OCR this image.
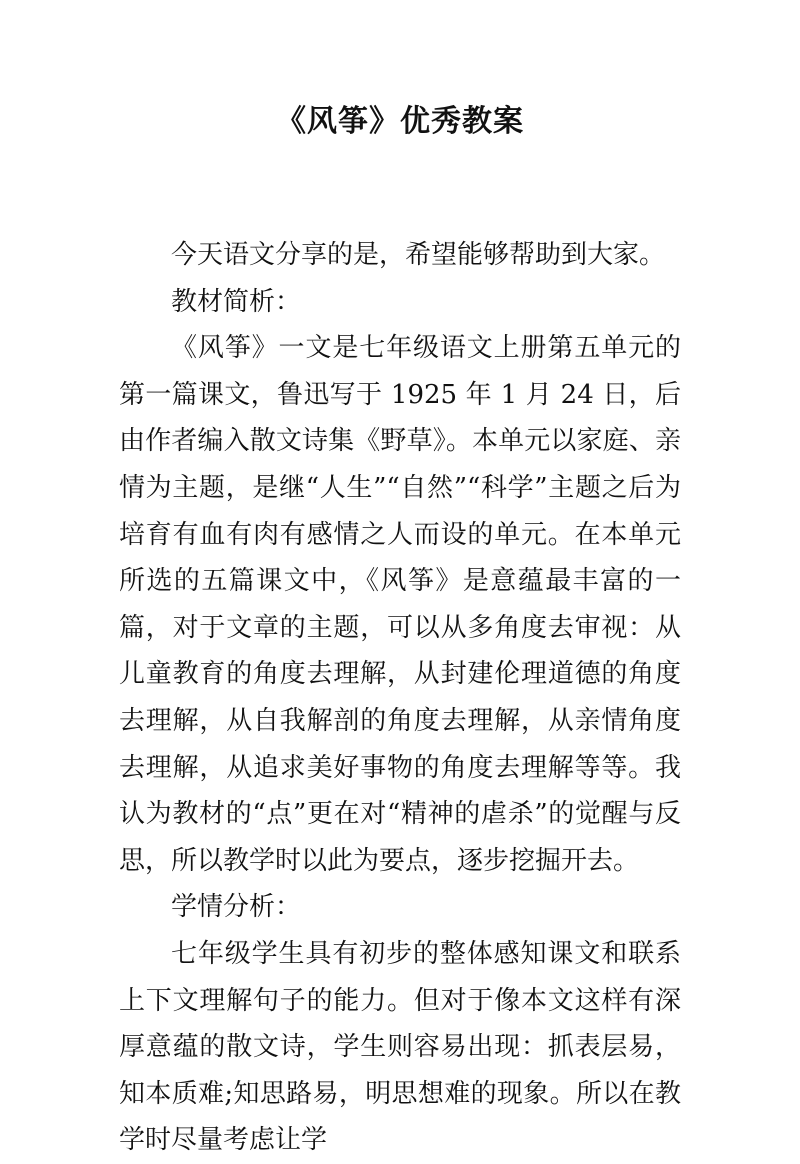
《风筝》优秀教案

今天语文分享的是，希望能够帮助到大家。

教材简析：

《风筝》一文是七年级语文上册第五单元的第一篇课文，鲁迅写于 1925 年 1 月 24 日，后由作者编入散文诗集《野草》。本单元以家庭、亲情为主题，是继“人生”“自然”“科学”主题之后为培育有血有肉有感情之人而设的单元。在本单元所选的五篇课文中，《风筝》是意蕴最丰富的一篇，对于文章的主题，可以从多角度去审视：从儿童教育的角度去理解，从封建伦理道德的角度去理解，从自我解剖的角度去理解，从亲情角度去理解，从追求美好事物的角度去理解等等。我认为教材的“点”更在对“精神的虐杀”的觉醒与反思，所以教学时以此为要点，逐步挖掘开去。

学情分析：

七年级学生具有初步的整体感知课文和联系上下文理解句子的能力。但对于像本文这样有深厚意蕴的散文诗，学生则容易出现：抓表层易，知本质难;知思路易，明思想难的现象。所以在教学时尽量考虑让学
